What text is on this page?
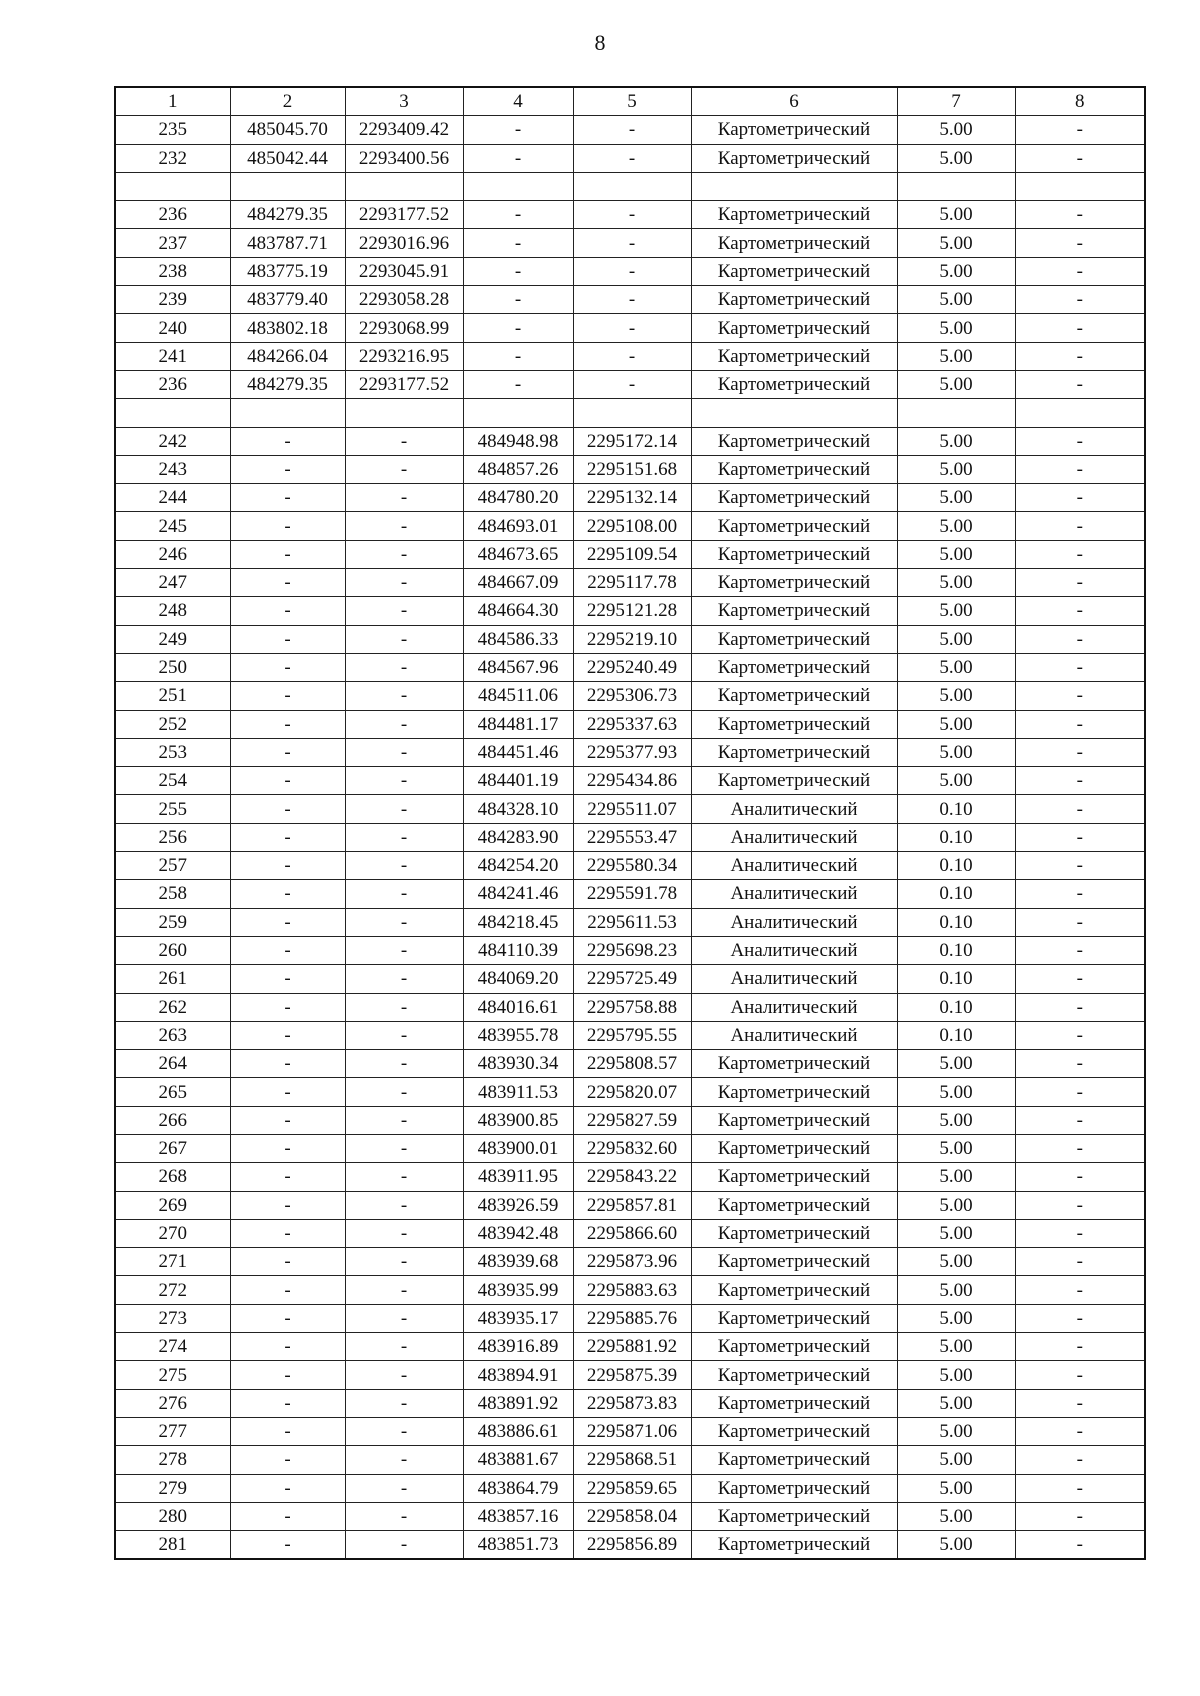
8
1	2	3	4	5	6	7	8
235	485045.70	2293409.42	-	-	Картометрический	5.00	-
232	485042.44	2293400.56	-	-	Картометрический	5.00	-

236	484279.35	2293177.52	-	-	Картометрический	5.00	-
237	483787.71	2293016.96	-	-	Картометрический	5.00	-
238	483775.19	2293045.91	-	-	Картометрический	5.00	-
239	483779.40	2293058.28	-	-	Картометрический	5.00	-
240	483802.18	2293068.99	-	-	Картометрический	5.00	-
241	484266.04	2293216.95	-	-	Картометрический	5.00	-
236	484279.35	2293177.52	-	-	Картометрический	5.00	-

242	-	-	484948.98	2295172.14	Картометрический	5.00	-
243	-	-	484857.26	2295151.68	Картометрический	5.00	-
244	-	-	484780.20	2295132.14	Картометрический	5.00	-
245	-	-	484693.01	2295108.00	Картометрический	5.00	-
246	-	-	484673.65	2295109.54	Картометрический	5.00	-
247	-	-	484667.09	2295117.78	Картометрический	5.00	-
248	-	-	484664.30	2295121.28	Картометрический	5.00	-
249	-	-	484586.33	2295219.10	Картометрический	5.00	-
250	-	-	484567.96	2295240.49	Картометрический	5.00	-
251	-	-	484511.06	2295306.73	Картометрический	5.00	-
252	-	-	484481.17	2295337.63	Картометрический	5.00	-
253	-	-	484451.46	2295377.93	Картометрический	5.00	-
254	-	-	484401.19	2295434.86	Картометрический	5.00	-
255	-	-	484328.10	2295511.07	Аналитический	0.10	-
256	-	-	484283.90	2295553.47	Аналитический	0.10	-
257	-	-	484254.20	2295580.34	Аналитический	0.10	-
258	-	-	484241.46	2295591.78	Аналитический	0.10	-
259	-	-	484218.45	2295611.53	Аналитический	0.10	-
260	-	-	484110.39	2295698.23	Аналитический	0.10	-
261	-	-	484069.20	2295725.49	Аналитический	0.10	-
262	-	-	484016.61	2295758.88	Аналитический	0.10	-
263	-	-	483955.78	2295795.55	Аналитический	0.10	-
264	-	-	483930.34	2295808.57	Картометрический	5.00	-
265	-	-	483911.53	2295820.07	Картометрический	5.00	-
266	-	-	483900.85	2295827.59	Картометрический	5.00	-
267	-	-	483900.01	2295832.60	Картометрический	5.00	-
268	-	-	483911.95	2295843.22	Картометрический	5.00	-
269	-	-	483926.59	2295857.81	Картометрический	5.00	-
270	-	-	483942.48	2295866.60	Картометрический	5.00	-
271	-	-	483939.68	2295873.96	Картометрический	5.00	-
272	-	-	483935.99	2295883.63	Картометрический	5.00	-
273	-	-	483935.17	2295885.76	Картометрический	5.00	-
274	-	-	483916.89	2295881.92	Картометрический	5.00	-
275	-	-	483894.91	2295875.39	Картометрический	5.00	-
276	-	-	483891.92	2295873.83	Картометрический	5.00	-
277	-	-	483886.61	2295871.06	Картометрический	5.00	-
278	-	-	483881.67	2295868.51	Картометрический	5.00	-
279	-	-	483864.79	2295859.65	Картометрический	5.00	-
280	-	-	483857.16	2295858.04	Картометрический	5.00	-
281	-	-	483851.73	2295856.89	Картометрический	5.00	-
